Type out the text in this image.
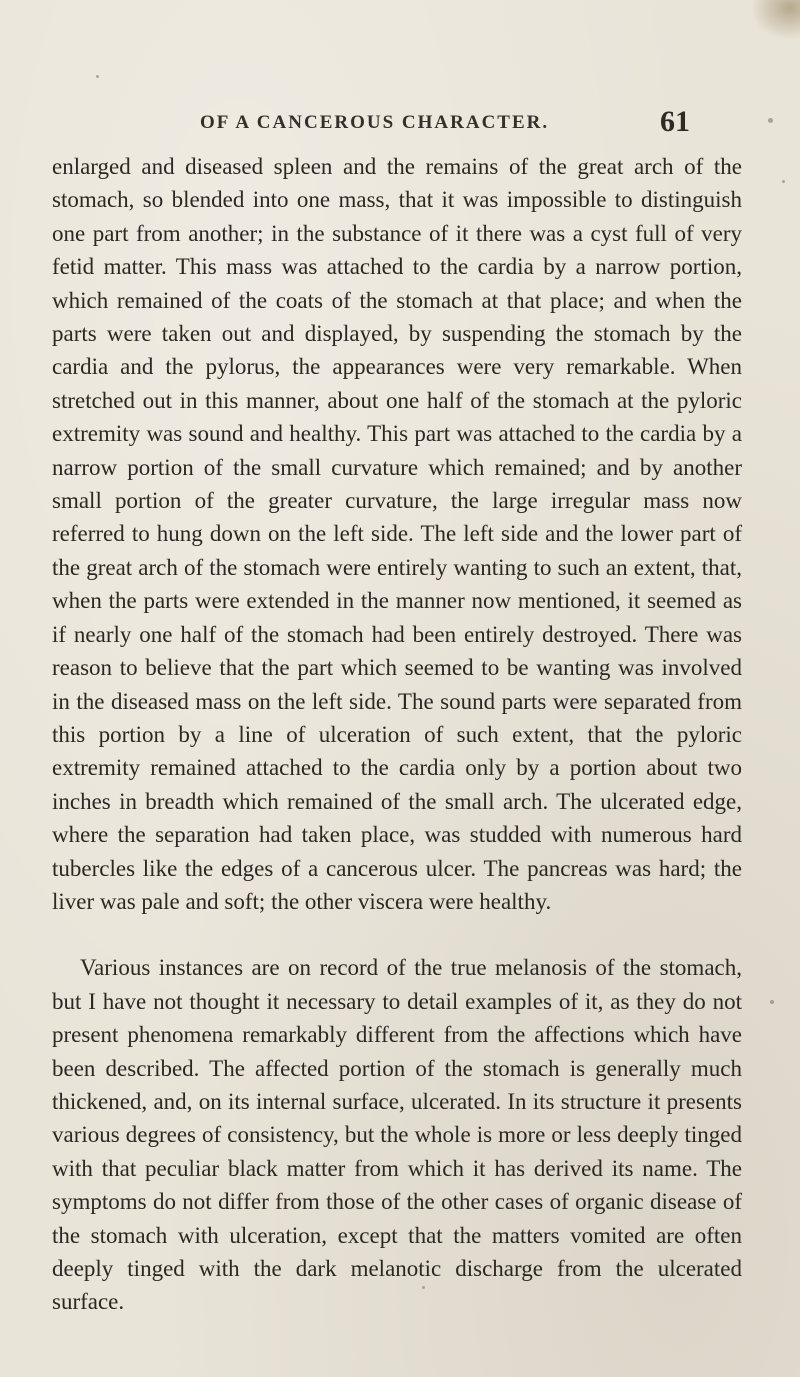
OF A CANCEROUS CHARACTER.	61

enlarged and diseased spleen and the remains of the great arch of the stomach, so blended into one mass, that it was impossible to distinguish one part from another; in the substance of it there was a cyst full of very fetid matter. This mass was attached to the cardia by a narrow portion, which remained of the coats of the stomach at that place; and when the parts were taken out and displayed, by suspending the stomach by the cardia and the pylorus, the appearances were very remarkable. When stretched out in this manner, about one half of the stomach at the pyloric extremity was sound and healthy. This part was attached to the cardia by a narrow portion of the small curvature which remained; and by another small portion of the greater curvature, the large irregular mass now referred to hung down on the left side. The left side and the lower part of the great arch of the stomach were entirely wanting to such an extent, that, when the parts were extended in the manner now mentioned, it seemed as if nearly one half of the stomach had been entirely destroyed. There was reason to believe that the part which seemed to be wanting was involved in the diseased mass on the left side. The sound parts were separated from this portion by a line of ulceration of such extent, that the pyloric extremity remained attached to the cardia only by a portion about two inches in breadth which remained of the small arch. The ulcerated edge, where the separation had taken place, was studded with numerous hard tubercles like the edges of a cancerous ulcer. The pancreas was hard; the liver was pale and soft; the other viscera were healthy.

Various instances are on record of the true melanosis of the stomach, but I have not thought it necessary to detail examples of it, as they do not present phenomena remarkably different from the affections which have been described. The affected portion of the stomach is generally much thickened, and, on its internal surface, ulcerated. In its structure it presents various degrees of consistency, but the whole is more or less deeply tinged with that peculiar black matter from which it has derived its name. The symptoms do not differ from those of the other cases of organic disease of the stomach with ulceration, except that the matters vomited are often deeply tinged with the dark melanotic discharge from the ulcerated surface.
